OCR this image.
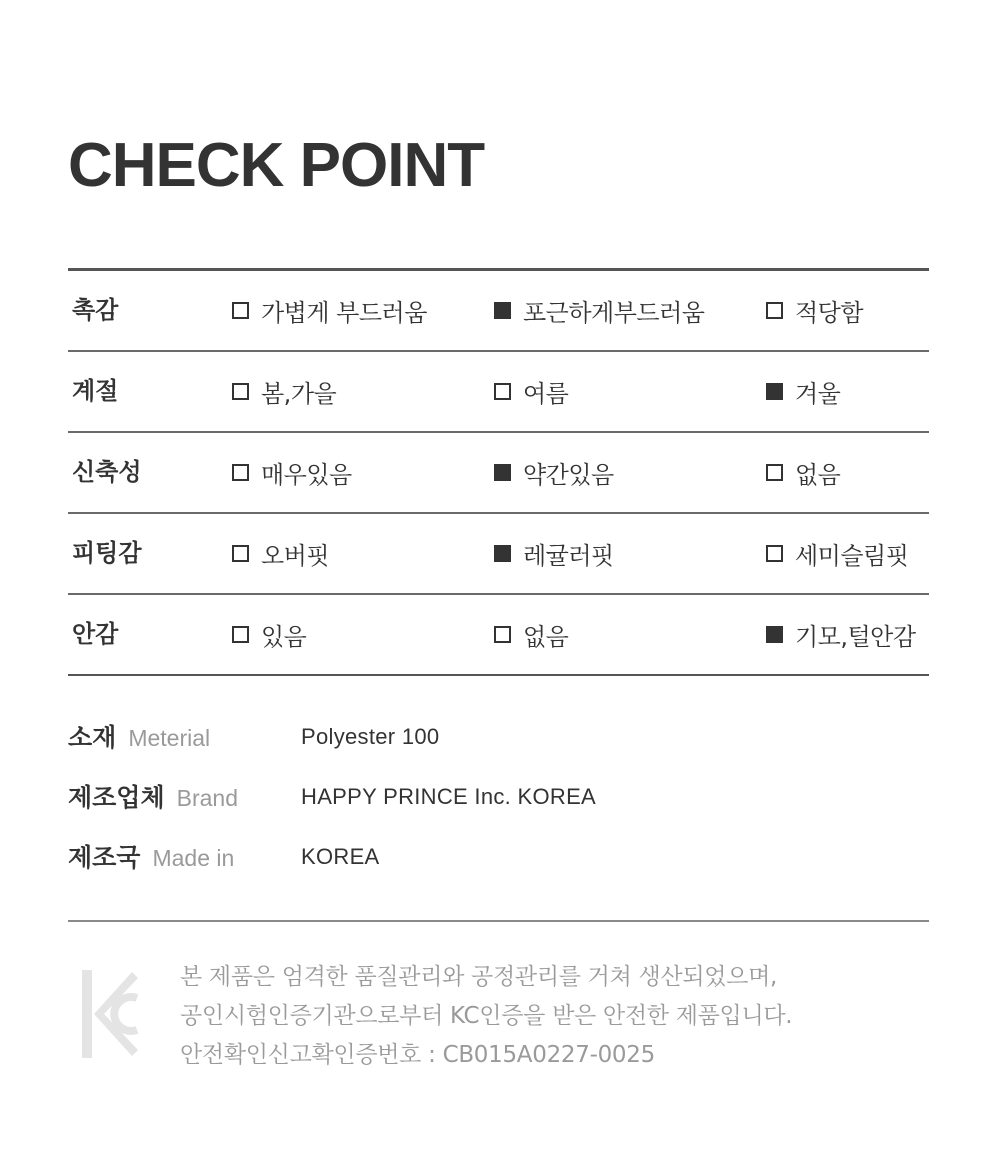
CHECK POINT
촉감	가볍게 부드러움	포근하게부드러움	적당함
계절	봄,가을	여름	겨울
신축성	매우있음	약간있음	없음
피팅감	오버핏	레귤러핏	세미슬림핏
안감	있음	없음	기모,털안감
소재 Meterial	Polyester 100
제조업체 Brand	HAPPY PRINCE Inc. KOREA
제조국 Made in	KOREA
본 제품은 엄격한 품질관리와 공정관리를 거쳐 생산되었으며,
공인시험인증기관으로부터 KC인증을 받은 안전한 제품입니다.
안전확인신고확인증번호 : CB015A0227-0025
